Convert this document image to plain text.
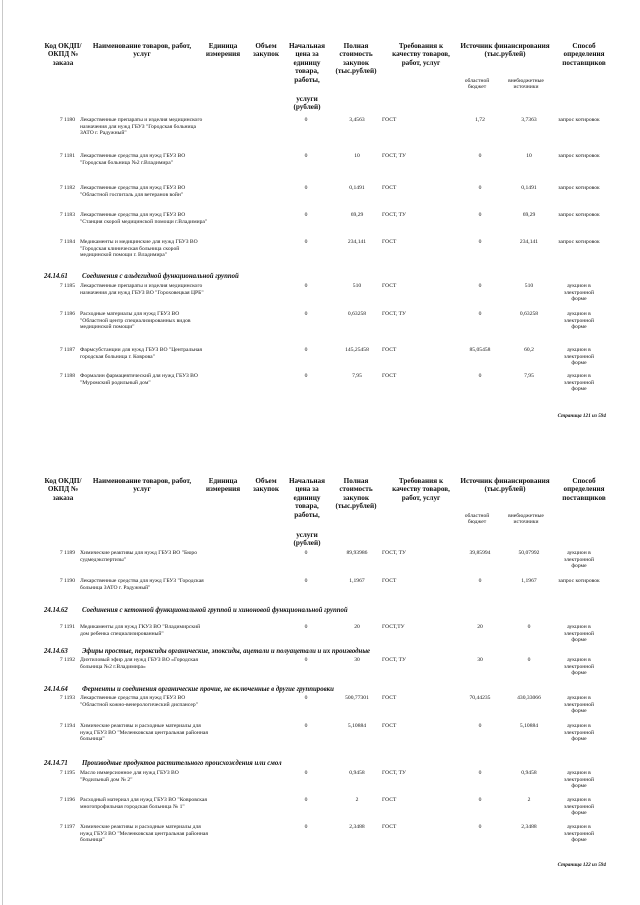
Код ОКДП/ ОКПД № заказа
Наименование товаров, работ, услуг
Единица измерения
Объем закупок
Начальная цена за единицу товара, работы,
услуги (рублей)
Полная стоимость закупок (тыс.рублей)
Требования к качеству товаров, работ, услуг
Источник финансирования (тыс.рублей)
областной бюджет
внебюджетные источники
Способ определения поставщиков
7 1180 Лекарственные препараты и изделия медицинского назначения для нужд ГБУЗ "Городская больница ЗАТО г. Радужный"
0	3,4563	ГОСТ	1,72	3,7363	запрос котировок
7 1181 Лекарственные средства для нужд ГБУЗ ВО "Городская больница №2 г.Владимира"
0	10	ГОСТ, ТУ	0	10	запрос котировок
7 1182 Лекарственные средства для нужд ГБУЗ ВО "Областной госпиталь для ветеранов войн"
0	0,1491	ГОСТ	0	0,1491	запрос котировок
7 1183 Лекарственные средства для нужд ГБУЗ ВО "Станция скорой медицинской помощи г.Владимира"
0	69,29	ГОСТ, ТУ	0	69,29	запрос котировок
7 1184 Медикаменты и медицинские для нужд ГБУЗ ВО "Городская клиническая больница скорой медицинской помощи г. Владимира"
0	234,141	ГОСТ	0	234,141	запрос котировок
24.14.61 Соединения с альдегидной функциональной группой
7 1185 Лекарственные препараты и изделия медицинского назначения для нужд ГБУЗ ВО "Гороховецкая ЦРБ"
0	510	ГОСТ	0	510	аукцион в электронной форме
7 1186 Расходные материалы для нужд ГБУЗ ВО "Областной центр специализированных видов медицинской помощи"
0	0,63258	ГОСТ, ТУ	0	0,63258	аукцион в электронной форме
7 1187 Фармсубстанции для нужд ГБУЗ ВО "Центральная городская больница г. Коврова"
0	145,25458	ГОСТ	85,05458	60,2	аукцион в электронной форме
7 1188 Формалин фармацевтический для нужд ГБУЗ ВО "Муромский родильный дом"
0	7,95	ГОСТ	0	7,95	аукцион в электронной форме
Страница 121 из 594
Код ОКДП/ ОКПД № заказа
Наименование товаров, работ, услуг
Единица измерения
Объем закупок
Начальная цена за единицу товара, работы,
услуги (рублей)
Полная стоимость закупок (тыс.рублей)
Требования к качеству товаров, работ, услуг
Источник финансирования (тыс.рублей)
областной бюджет
внебюджетные источники
Способ определения поставщиков
7 1189 Химические реактивы для нужд ГБУЗ ВО "Бюро судмедэкспертизы"
0	89,93986	ГОСТ, ТУ	39,85994	50,07992	аукцион в электронной форме
7 1190 Лекарственные средства для нужд ГБУЗ "Городская больница ЗАТО г. Радужный"
0	1,1967	ГОСТ	0	1,1967	запрос котировок
24.14.62 Соединения с кетонной функциональной группой и хиноновой функциональной группой
7 1191 Медикаменты для нужд ГКУЗ ВО "Владимирский дом ребенка специализированный"
0	20	ГОСТ,ТУ	20	0	аукцион в электронной форме
24.14.63 Эфиры простые, пероксиды органические, эпоксиды, ацетали и полуацетали и их производные
7 1192 Диэтиловый эфир для нужд ГБУЗ ВО «Городская больница №2 г.Владимира»
0	30	ГОСТ, ТУ	30	0	аукцион в электронной форме
24.14.64 Ферменты и соединения органические прочие, не включенные в другие группировки
7 1193 Лекарственные средства для нужд ГБУЗ ВО "Областной кожно-венерологический диспансер"
0	500,77301	ГОСТ	70,44235	430,33066	аукцион в электронной форме
7 1194 Химические реактивы и расходные материалы для нужд ГБУЗ ВО "Меленковская центральная районная больница"
0	5,10884	ГОСТ	0	5,10884	аукцион в электронной форме
24.14.71 Производные продуктов растительного происхождения или смол
7 1195 Масло иммерсионное для нужд ГБУЗ ВО "Родильный дом № 2"
0	0,9458	ГОСТ, ТУ	0	0,9458	аукцион в электронной форме
7 1196 Расходный материал для нужд ГБУЗ ВО "Ковровская многопрофильная городская больница № 1"
0	2	ГОСТ	0	2	аукцион в электронной форме
7 1197 Химические реактивы и расходные материалы для нужд ГБУЗ ВО "Меленковская центральная районная больница"
0	2,3488	ГОСТ	0	2,3488	аукцион в электронной форме
Страница 122 из 594
